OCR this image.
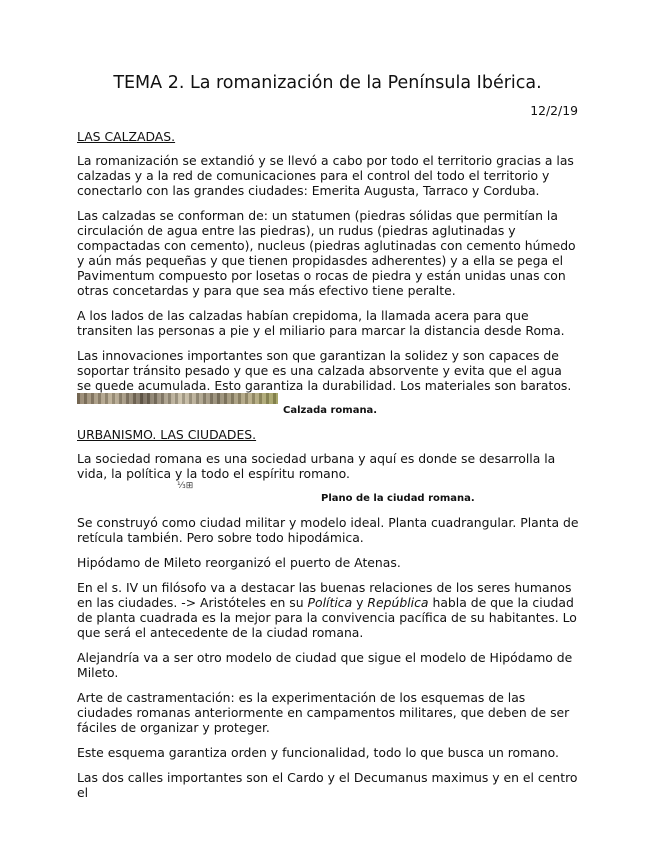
TEMA 2. La romanización de la Península Ibérica.
12/2/19

LAS CALZADAS.

La romanización se extandió y se llevó a cabo por todo el territorio gracias a las calzadas y a la red de comunicaciones para el control del todo el territorio y conectarlo con las grandes ciudades: Emerita Augusta, Tarraco y Corduba.

Las calzadas se conforman de: un statumen (piedras sólidas que permitían la circulación de agua entre las piedras), un rudus (piedras aglutinadas y compactadas con cemento), nucleus (piedras aglutinadas con cemento húmedo y aún más pequeñas y que tienen propidasdes adherentes) y a ella se pega el Pavimentum compuesto por losetas o rocas de piedra y están unidas unas con otras concetardas y para que sea más efectivo tiene peralte.

A los lados de las calzadas habían crepidoma, la llamada acera para que transiten las personas a pie y el miliario para marcar la distancia desde Roma.

Las innovaciones importantes son que garantizan la solidez y son capaces de soportar tránsito pesado y que es una calzada absorvente y evita que el agua se quede acumulada. Esto garantiza la durabilidad. Los materiales son baratos.

Calzada romana.

URBANISMO. LAS CIUDADES.

La sociedad romana es una sociedad urbana y aquí es donde se desarrolla la vida, la política y la todo el espíritu romano.

⅓⊞
Plano de la ciudad romana.

Se construyó como ciudad militar y modelo ideal. Planta cuadrangular. Planta de retícula también. Pero sobre todo hipodámica.

Hipódamo de Mileto reorganizó el puerto de Atenas.

En el s. IV un filósofo va a destacar las buenas relaciones de los seres humanos en las ciudades. -> Aristóteles en su Política y República habla de que la ciudad de planta cuadrada es la mejor para la convivencia pacífica de su habitantes. Lo que será el antecedente de la ciudad romana.

Alejandría va a ser otro modelo de ciudad que sigue el modelo de Hipódamo de Mileto.

Arte de castramentación: es la experimentación de los esquemas de las ciudades romanas anteriormente en campamentos militares, que deben de ser fáciles de organizar y proteger.

Este esquema garantiza orden y funcionalidad, todo lo que busca un romano.

Las dos calles importantes son el Cardo y el Decumanus maximus y en el centro el
